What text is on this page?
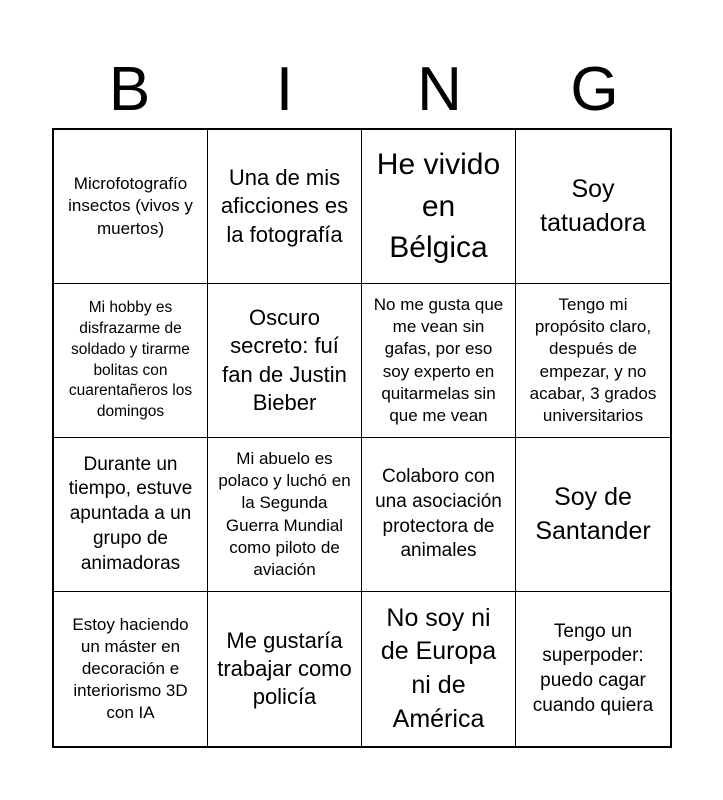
B	I	N	G
Microfotografío insectos (vivos y muertos)
Una de mis aficciones es la fotografía
He vivido en Bélgica
Soy tatuadora
Mi hobby es disfrazarme de soldado y tirarme bolitas con cuarentañeros los domingos
Oscuro secreto: fuí fan de Justin Bieber
No me gusta que me vean sin gafas, por eso soy experto en quitarmelas sin que me vean
Tengo mi propósito claro, después de empezar, y no acabar, 3 grados universitarios
Durante un tiempo, estuve apuntada a un grupo de animadoras
Mi abuelo es polaco y luchó en la Segunda Guerra Mundial como piloto de aviación
Colaboro con una asociación protectora de animales
Soy de Santander
Estoy haciendo un máster en decoración e interiorismo 3D con IA
Me gustaría trabajar como policía
No soy ni de Europa ni de América
Tengo un superpoder: puedo cagar cuando quiera
